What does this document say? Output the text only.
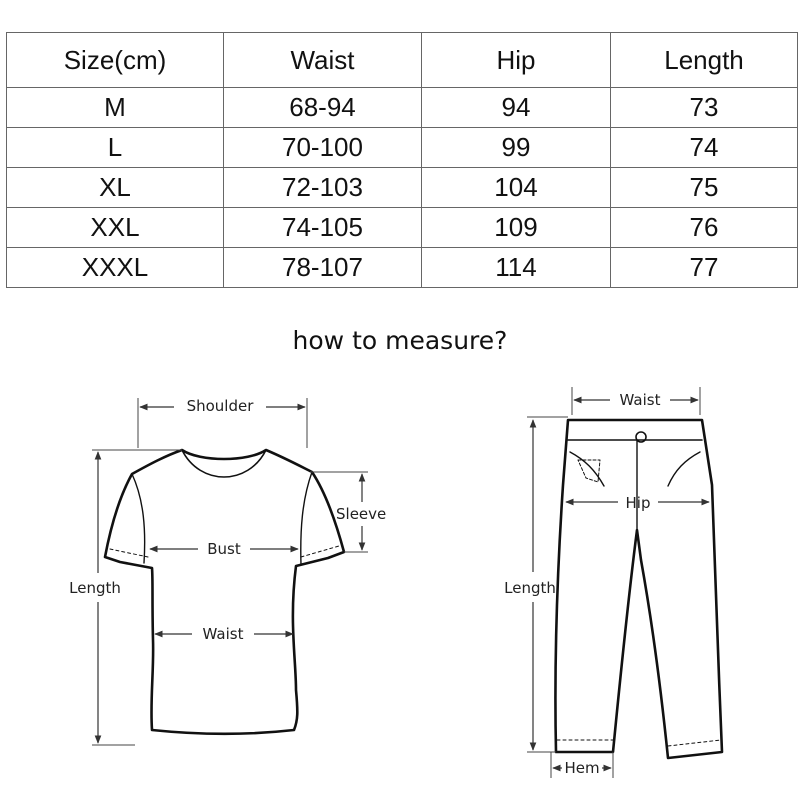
Size(cm)	Waist	Hip	Length
M	68-94	94	73
L	70-100	99	74
XL	72-103	104	75
XXL	74-105	109	76
XXXL	78-107	114	77
how to measure?
Shoulder
Sleeve
Bust
Waist
Length
Waist
Hip
Length
Hem
